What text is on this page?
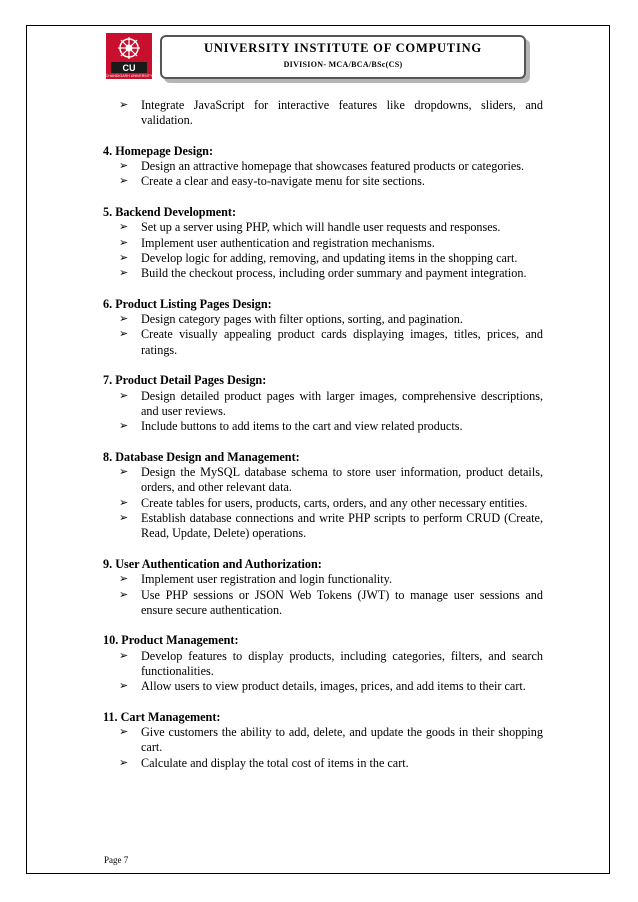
CU
CHANDIGARH UNIVERSITY
UNIVERSITY INSTITUTE OF COMPUTING
DIVISION- MCA/BCA/BSc(CS)
➢ Integrate JavaScript for interactive features like dropdowns, sliders, and validation.
4. Homepage Design:
➢ Design an attractive homepage that showcases featured products or categories.
➢ Create a clear and easy-to-navigate menu for site sections.
5. Backend Development:
➢ Set up a server using PHP, which will handle user requests and responses.
➢ Implement user authentication and registration mechanisms.
➢ Develop logic for adding, removing, and updating items in the shopping cart.
➢ Build the checkout process, including order summary and payment integration.
6. Product Listing Pages Design:
➢ Design category pages with filter options, sorting, and pagination.
➢ Create visually appealing product cards displaying images, titles, prices, and ratings.
7. Product Detail Pages Design:
➢ Design detailed product pages with larger images, comprehensive descriptions, and user reviews.
➢ Include buttons to add items to the cart and view related products.
8. Database Design and Management:
➢ Design the MySQL database schema to store user information, product details, orders, and other relevant data.
➢ Create tables for users, products, carts, orders, and any other necessary entities.
➢ Establish database connections and write PHP scripts to perform CRUD (Create, Read, Update, Delete) operations.
9. User Authentication and Authorization:
➢ Implement user registration and login functionality.
➢ Use PHP sessions or JSON Web Tokens (JWT) to manage user sessions and ensure secure authentication.
10. Product Management:
➢ Develop features to display products, including categories, filters, and search functionalities.
➢ Allow users to view product details, images, prices, and add items to their cart.
11. Cart Management:
➢ Give customers the ability to add, delete, and update the goods in their shopping cart.
➢ Calculate and display the total cost of items in the cart.
Page 7
